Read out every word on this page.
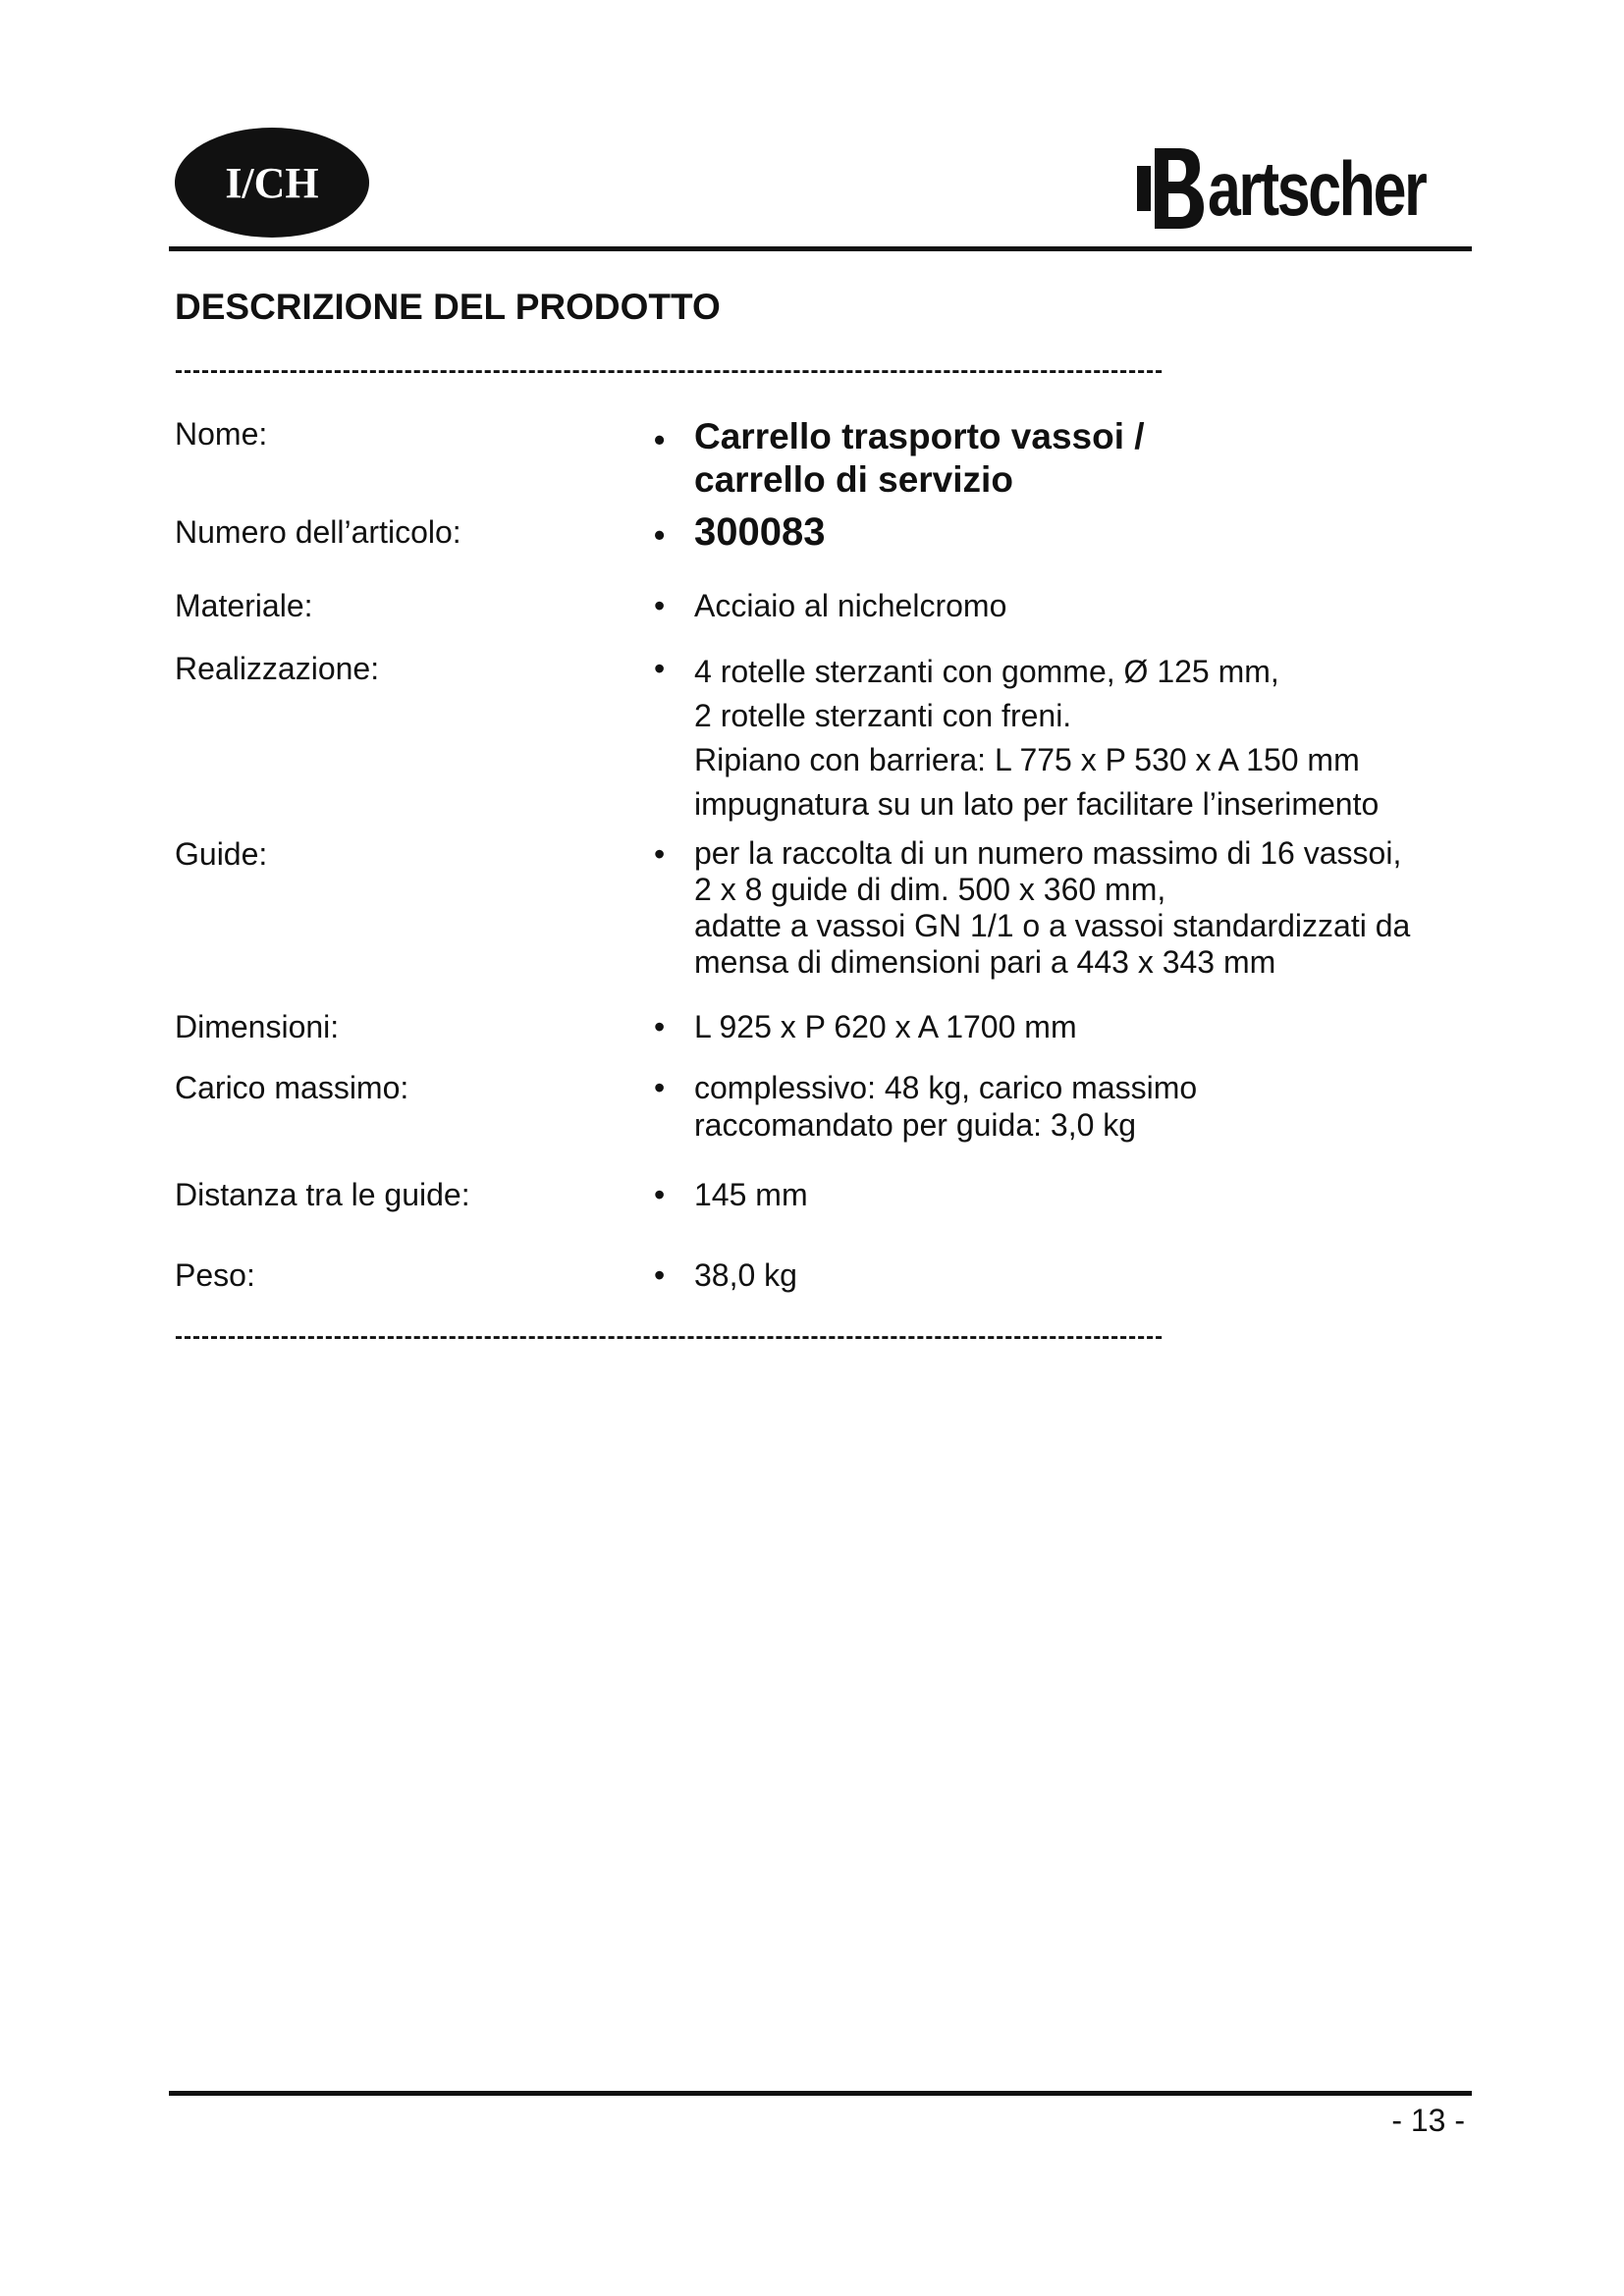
I/CH	artscher
DESCRIZIONE DEL PRODOTTO
----------------------------------------------------------------------------------------------------------------
Nome:	• Carrello trasporto vassoi /
carrello di servizio
Numero dell’articolo:	• 300083
Materiale:	• Acciaio al nichelcromo
Realizzazione:	• 4 rotelle sterzanti con gomme, Ø 125 mm,
2 rotelle sterzanti con freni.
Ripiano con barriera: L 775 x P 530 x A 150 mm
impugnatura su un lato per facilitare l’inserimento
Guide:	• per la raccolta di un numero massimo di 16 vassoi,
2 x 8 guide di dim. 500 x 360 mm,
adatte a vassoi GN 1/1 o a vassoi standardizzati da
mensa di dimensioni pari a 443 x 343 mm
Dimensioni:	• L 925 x P 620 x A 1700 mm
Carico massimo:	• complessivo: 48 kg, carico massimo
raccomandato per guida: 3,0 kg
Distanza tra le guide:	• 145 mm
Peso:	• 38,0 kg
----------------------------------------------------------------------------------------------------------------
- 13 -
